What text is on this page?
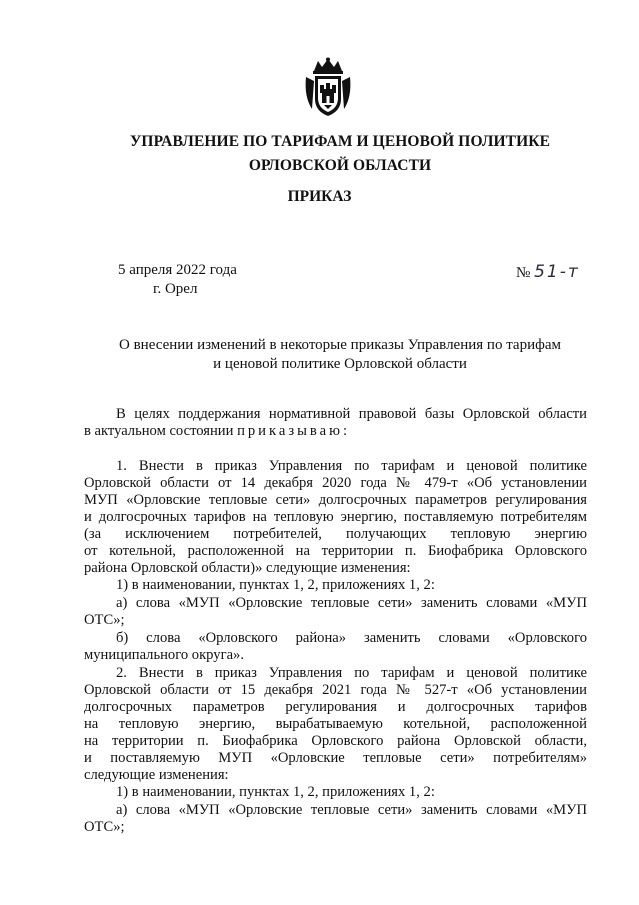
УПРАВЛЕНИЕ ПО ТАРИФАМ И ЦЕНОВОЙ ПОЛИТИКЕ
ОРЛОВСКОЙ ОБЛАСТИ
ПРИКАЗ
5 апреля 2022 года
г. Орел
№ 51-т
О внесении изменений в некоторые приказы Управления по тарифам
и ценовой политике Орловской области
В целях поддержания нормативной правовой базы Орловской области
в актуальном состоянии приказываю:
1. Внести в приказ Управления по тарифам и ценовой политике
Орловской области от 14 декабря 2020 года № 479-т «Об установлении
МУП «Орловские тепловые сети» долгосрочных параметров регулирования
и долгосрочных тарифов на тепловую энергию, поставляемую потребителям
(за исключением потребителей, получающих тепловую энергию
от котельной, расположенной на территории п. Биофабрика Орловского
района Орловской области)» следующие изменения:
1) в наименовании, пунктах 1, 2, приложениях 1, 2:
а) слова «МУП «Орловские тепловые сети» заменить словами «МУП
ОТС»;
б) слова «Орловского района» заменить словами «Орловского
муниципального округа».
2. Внести в приказ Управления по тарифам и ценовой политике
Орловской области от 15 декабря 2021 года № 527-т «Об установлении
долгосрочных параметров регулирования и долгосрочных тарифов
на тепловую энергию, вырабатываемую котельной, расположенной
на территории п. Биофабрика Орловского района Орловской области,
и поставляемую МУП «Орловские тепловые сети» потребителям»
следующие изменения:
1) в наименовании, пунктах 1, 2, приложениях 1, 2:
а) слова «МУП «Орловские тепловые сети» заменить словами «МУП
ОТС»;
